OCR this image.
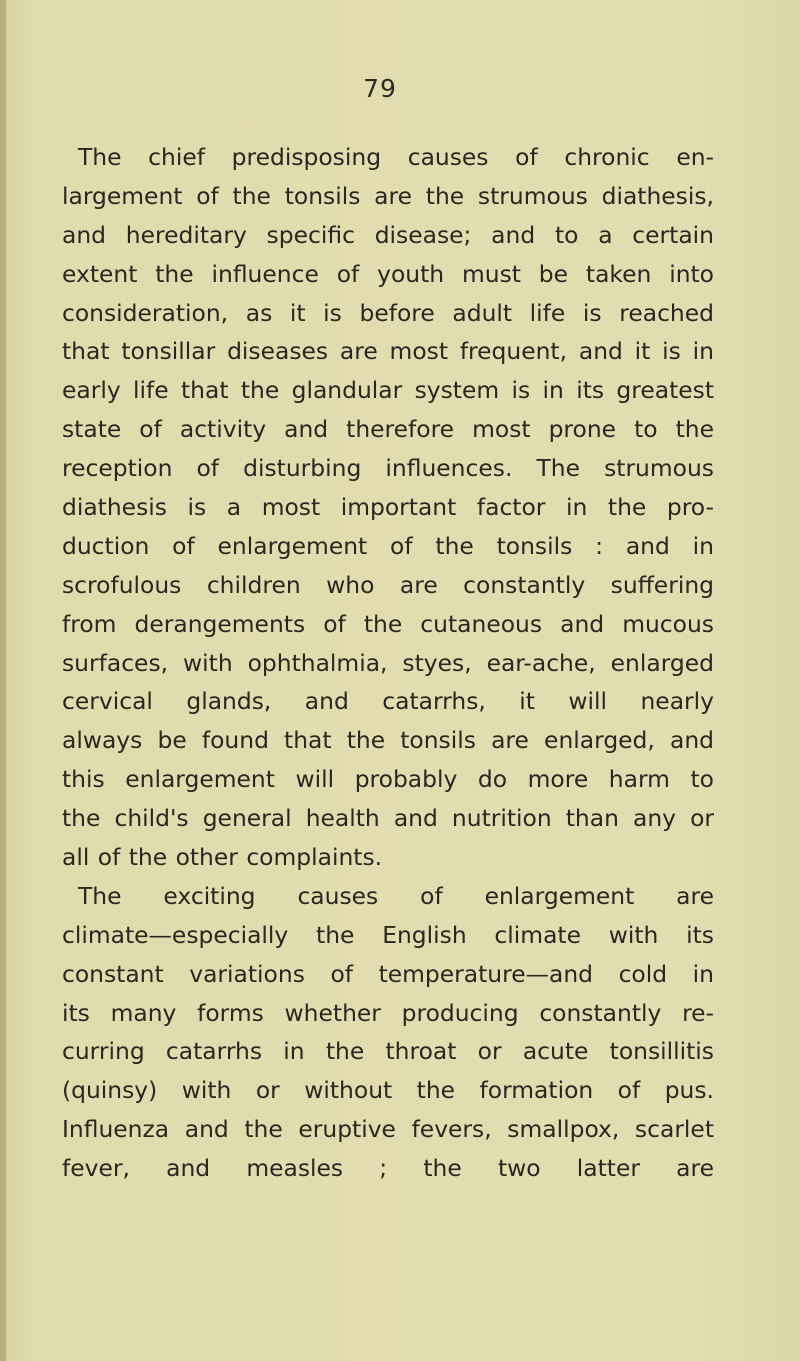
79
The chief predisposing causes of chronic en-
largement of the tonsils are the strumous diathesis,
and hereditary specific disease; and to a certain
extent the influence of youth must be taken into
consideration, as it is before adult life is reached
that tonsillar diseases are most frequent, and it is in
early life that the glandular system is in its greatest
state of activity and therefore most prone to the
reception of disturbing influences. The strumous
diathesis is a most important factor in the pro-
duction of enlargement of the tonsils : and in
scrofulous children who are constantly suffering
from derangements of the cutaneous and mucous
surfaces, with ophthalmia, styes, ear-ache, enlarged
cervical glands, and catarrhs, it will nearly
always be found that the tonsils are enlarged, and
this enlargement will probably do more harm to
the child's general health and nutrition than any or
all of the other complaints.
The exciting causes of enlargement are
climate—especially the English climate with its
constant variations of temperature—and cold in
its many forms whether producing constantly re-
curring catarrhs in the throat or acute tonsillitis
(quinsy) with or without the formation of pus.
Influenza and the eruptive fevers, smallpox, scarlet
fever, and measles ; the two latter are
